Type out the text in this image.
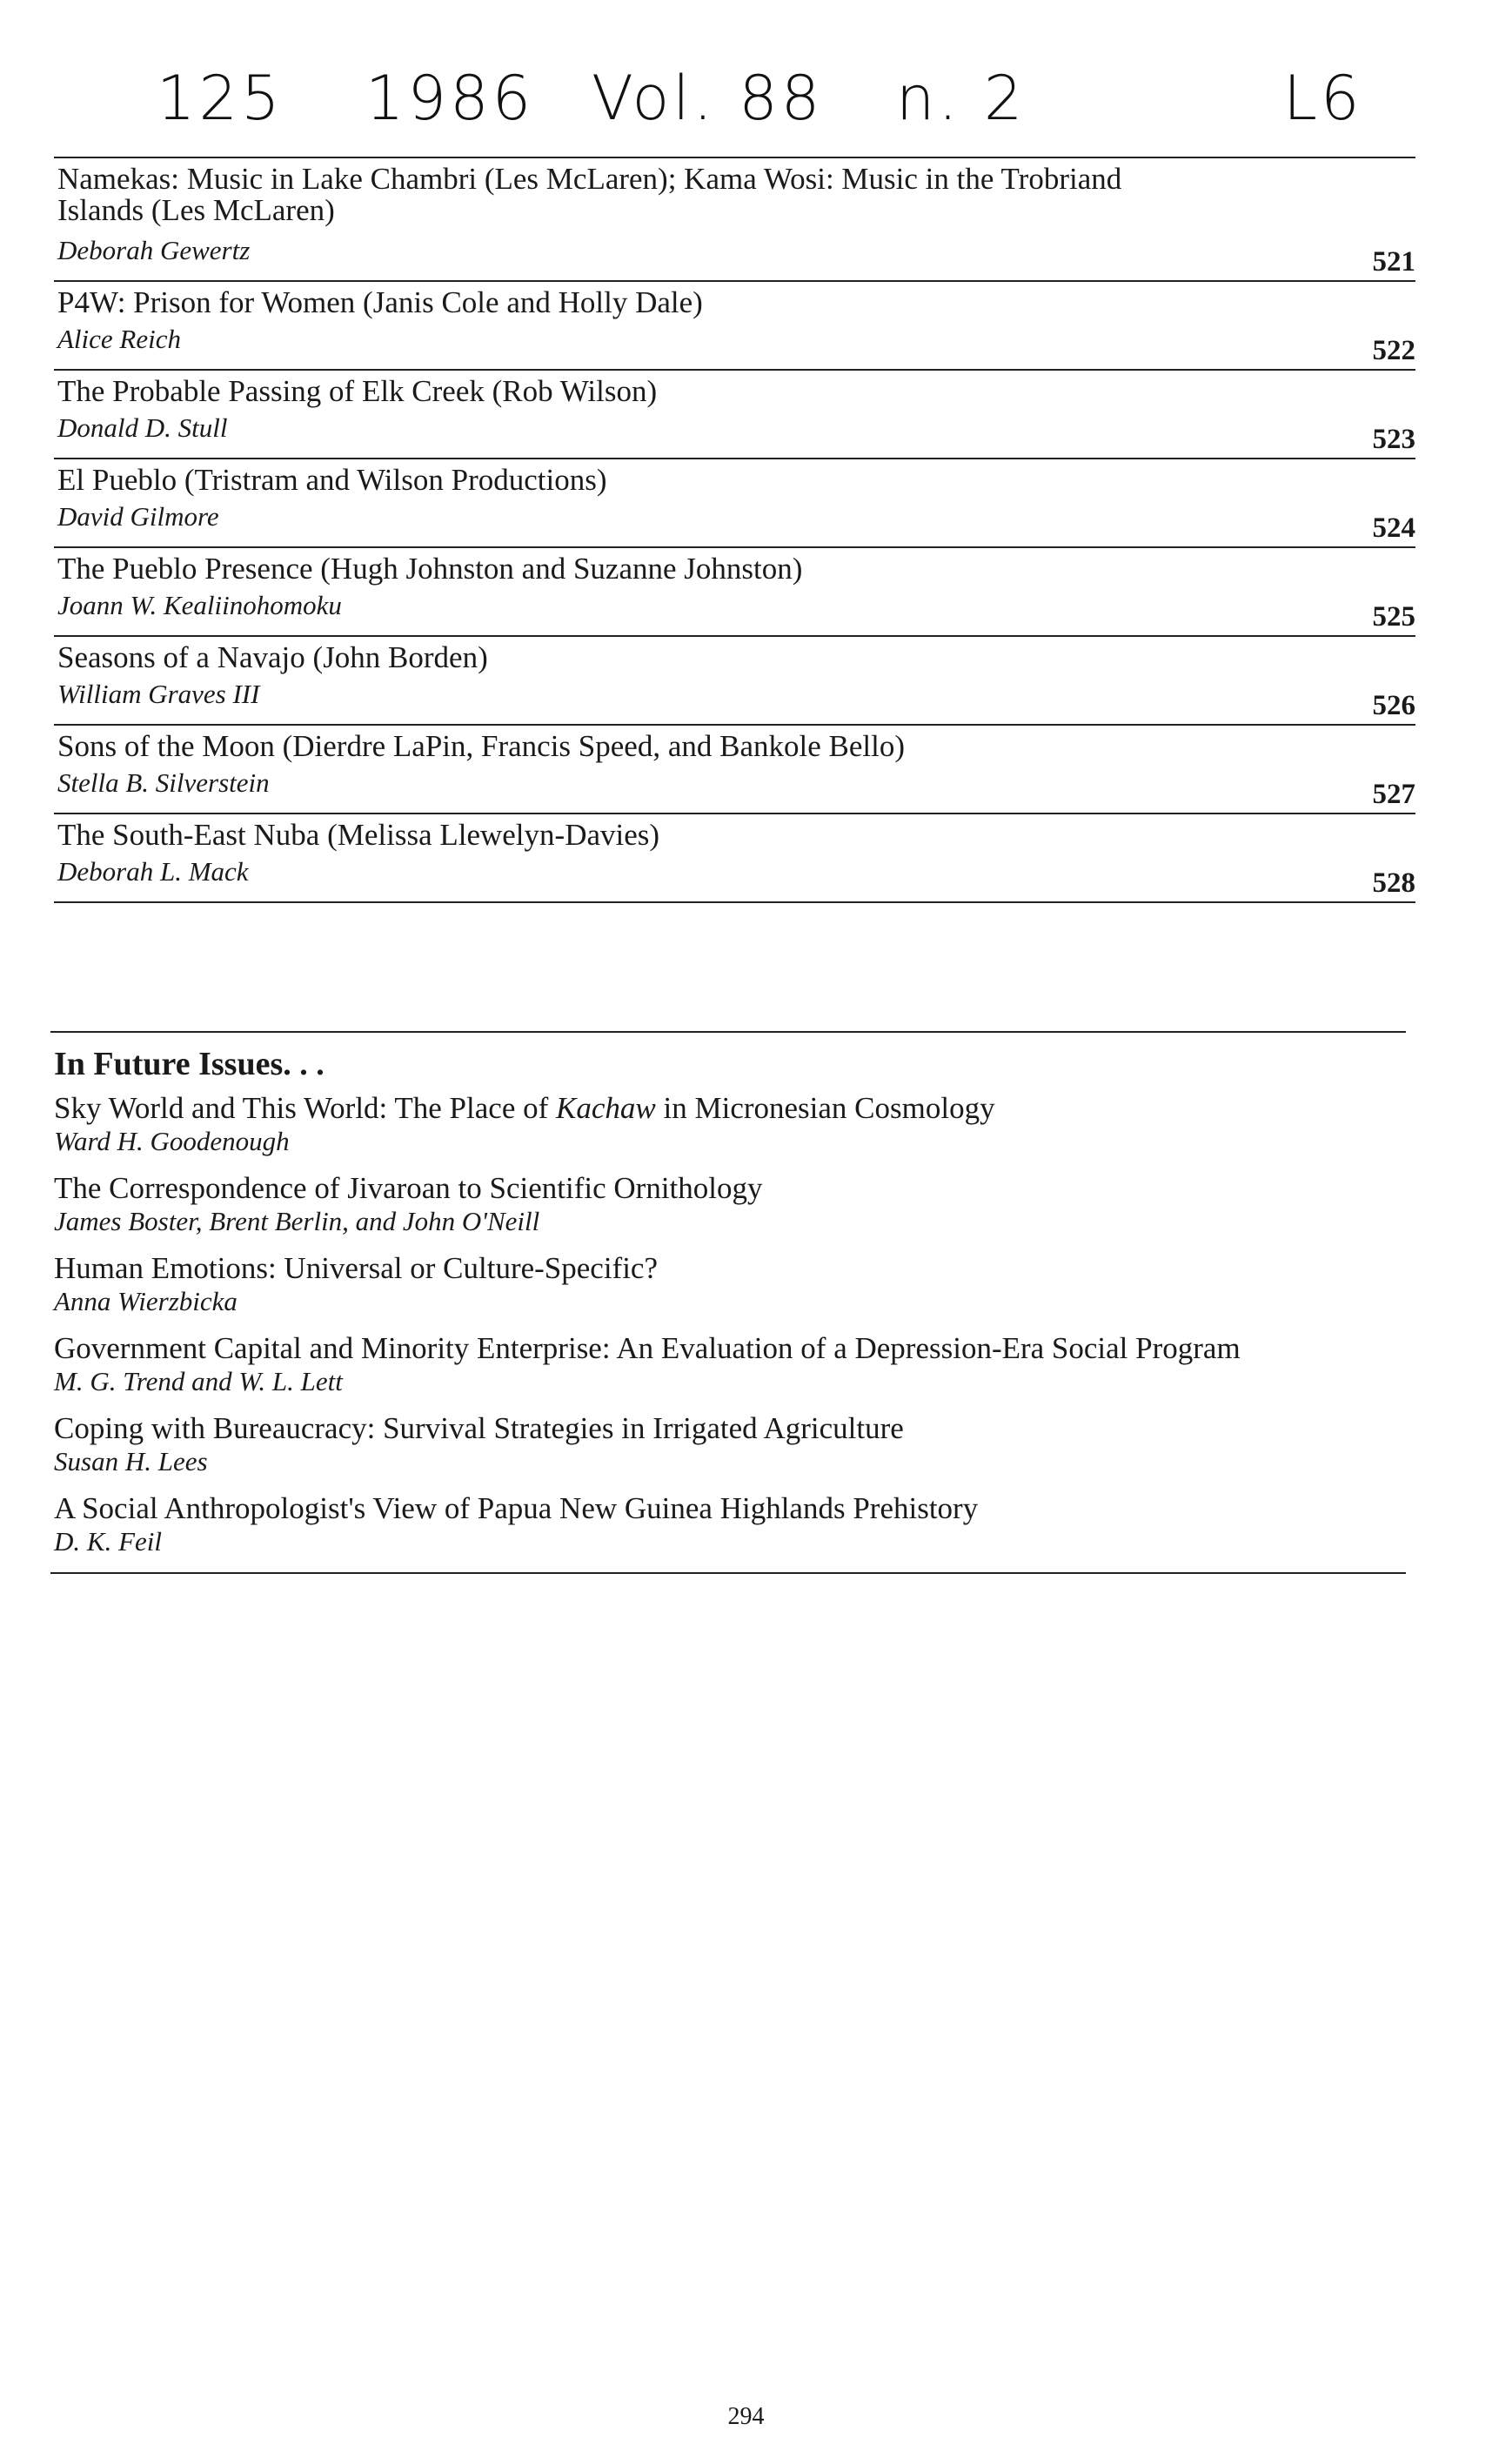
125 1986 Vol. 88 n. 2	L6
Namekas: Music in Lake Chambri (Les McLaren); Kama Wosi: Music in the Trobriand Islands (Les McLaren)
Deborah Gewertz	521
P4W: Prison for Women (Janis Cole and Holly Dale)
Alice Reich	522
The Probable Passing of Elk Creek (Rob Wilson)
Donald D. Stull	523
El Pueblo (Tristram and Wilson Productions)
David Gilmore	524
The Pueblo Presence (Hugh Johnston and Suzanne Johnston)
Joann W. Kealiinohomoku	525
Seasons of a Navajo (John Borden)
William Graves III	526
Sons of the Moon (Dierdre LaPin, Francis Speed, and Bankole Bello)
Stella B. Silverstein	527
The South-East Nuba (Melissa Llewelyn-Davies)
Deborah L. Mack	528
In Future Issues. . .
Sky World and This World: The Place of Kachaw in Micronesian Cosmology
Ward H. Goodenough
The Correspondence of Jivaroan to Scientific Ornithology
James Boster, Brent Berlin, and John O'Neill
Human Emotions: Universal or Culture-Specific?
Anna Wierzbicka
Government Capital and Minority Enterprise: An Evaluation of a Depression-Era Social Program
M. G. Trend and W. L. Lett
Coping with Bureaucracy: Survival Strategies in Irrigated Agriculture
Susan H. Lees
A Social Anthropologist's View of Papua New Guinea Highlands Prehistory
D. K. Feil
294
